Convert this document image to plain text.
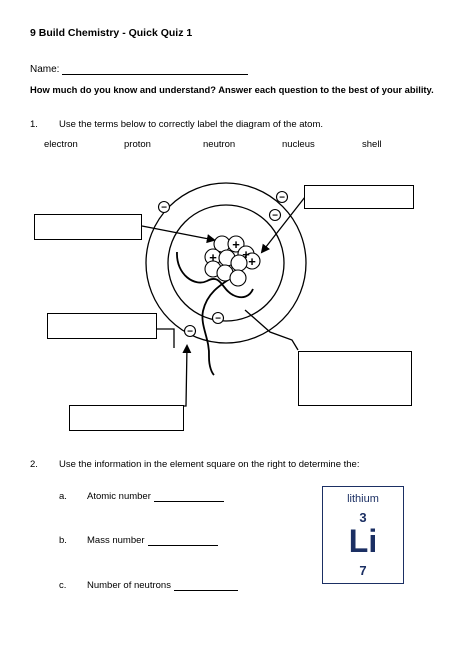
9 Build Chemistry - Quick Quiz 1
Name:
How much do you know and understand? Answer each question to the best of your ability.
1. Use the terms below to correctly label the diagram of the atom.
electron	proton	neutron	nucleus	shell
+
+
+
+
−
−
−
−
−
2. Use the information in the element square on the right to determine the:
a. Atomic number
b. Mass number
c. Number of neutrons
lithium
3
Li
7
